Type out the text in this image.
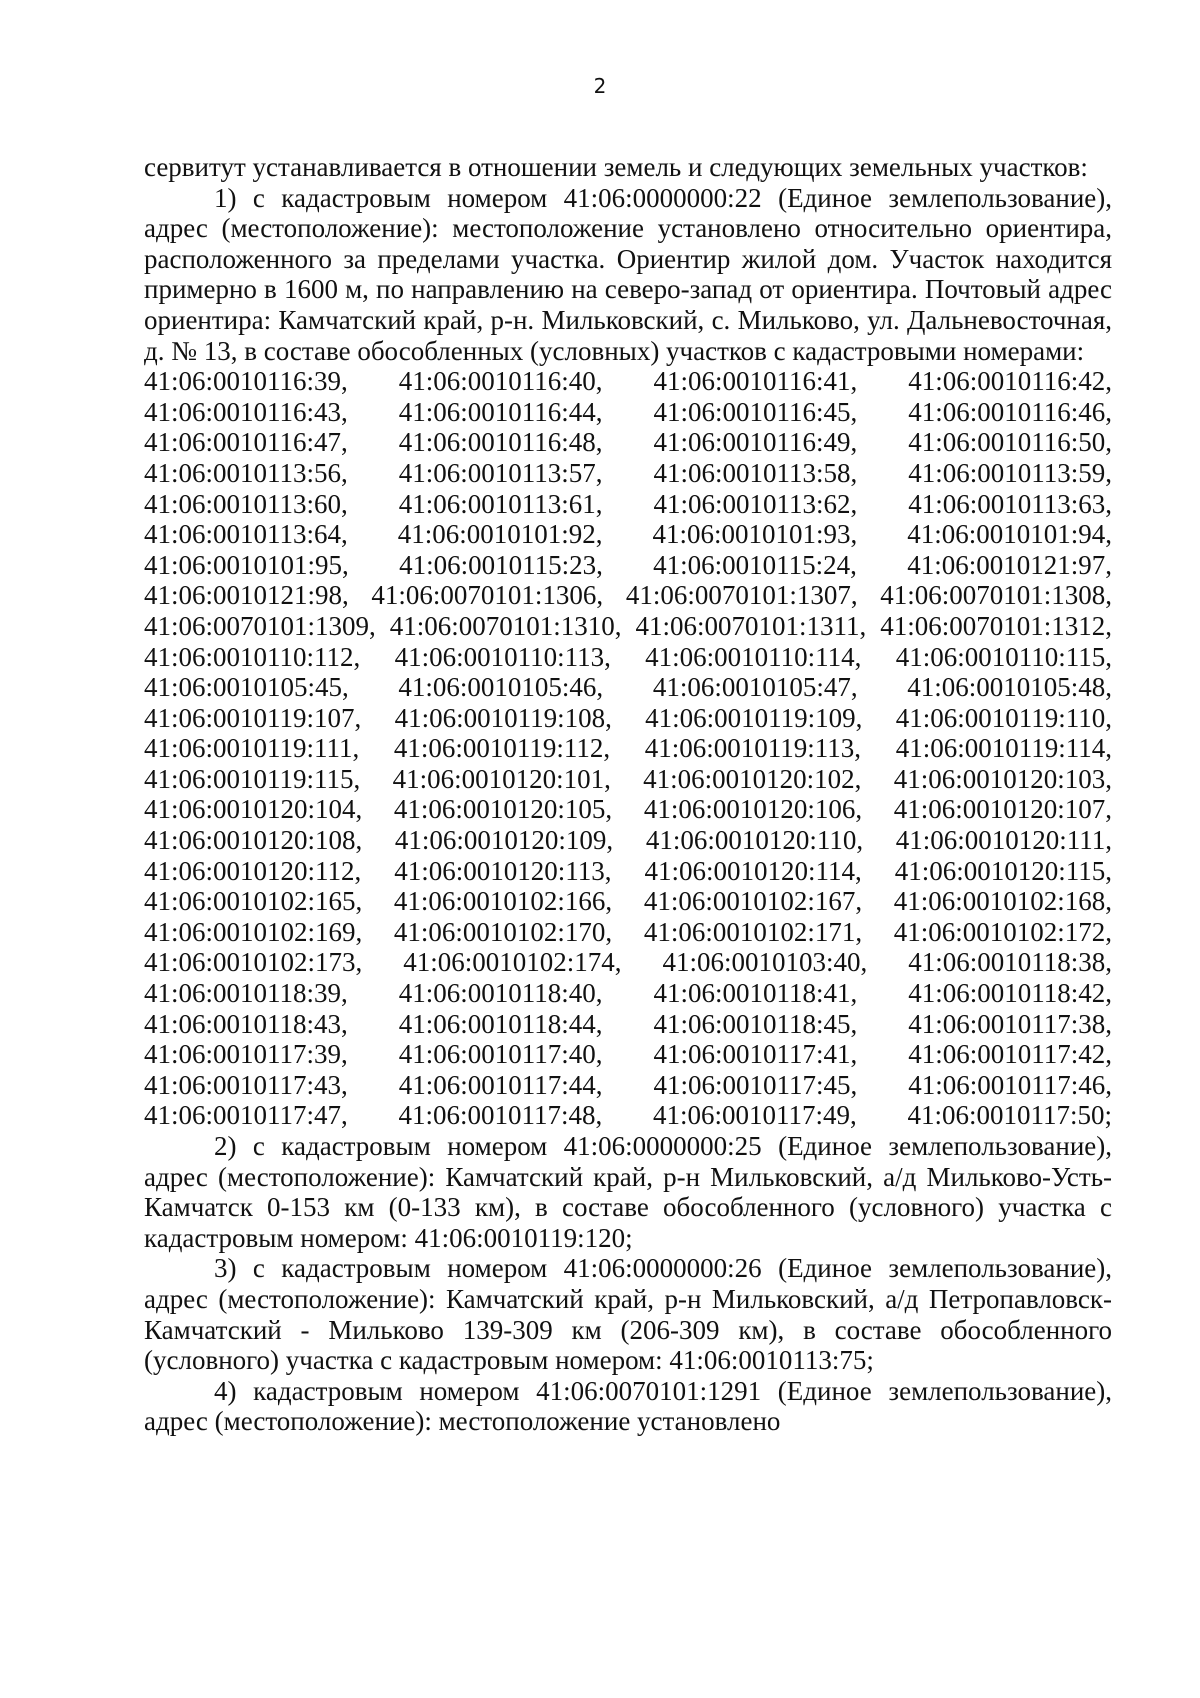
2

сервитут устанавливается в отношении земель и следующих земельных участков:

1) с кадастровым номером 41:06:0000000:22 (Единое землепользование), адрес (местоположение): местоположение установлено относительно ориентира, расположенного за пределами участка. Ориентир жилой дом. Участок находится примерно в 1600 м, по направлению на северо-запад от ориентира. Почтовый адрес ориентира: Камчатский край, р-н. Мильковский, с. Мильково, ул. Дальневосточная, д. № 13, в составе обособленных (условных) участков с кадастровыми номерами:

41:06:0010116:39, 41:06:0010116:40, 41:06:0010116:41, 41:06:0010116:42,
41:06:0010116:43, 41:06:0010116:44, 41:06:0010116:45, 41:06:0010116:46,
41:06:0010116:47, 41:06:0010116:48, 41:06:0010116:49, 41:06:0010116:50,
41:06:0010113:56, 41:06:0010113:57, 41:06:0010113:58, 41:06:0010113:59,
41:06:0010113:60, 41:06:0010113:61, 41:06:0010113:62, 41:06:0010113:63,
41:06:0010113:64, 41:06:0010101:92, 41:06:0010101:93, 41:06:0010101:94,
41:06:0010101:95, 41:06:0010115:23, 41:06:0010115:24, 41:06:0010121:97,
41:06:0010121:98, 41:06:0070101:1306, 41:06:0070101:1307, 41:06:0070101:1308,
41:06:0070101:1309, 41:06:0070101:1310, 41:06:0070101:1311, 41:06:0070101:1312,
41:06:0010110:112, 41:06:0010110:113, 41:06:0010110:114, 41:06:0010110:115,
41:06:0010105:45, 41:06:0010105:46, 41:06:0010105:47, 41:06:0010105:48,
41:06:0010119:107, 41:06:0010119:108, 41:06:0010119:109, 41:06:0010119:110,
41:06:0010119:111, 41:06:0010119:112, 41:06:0010119:113, 41:06:0010119:114,
41:06:0010119:115, 41:06:0010120:101, 41:06:0010120:102, 41:06:0010120:103,
41:06:0010120:104, 41:06:0010120:105, 41:06:0010120:106, 41:06:0010120:107,
41:06:0010120:108, 41:06:0010120:109, 41:06:0010120:110, 41:06:0010120:111,
41:06:0010120:112, 41:06:0010120:113, 41:06:0010120:114, 41:06:0010120:115,
41:06:0010102:165, 41:06:0010102:166, 41:06:0010102:167, 41:06:0010102:168,
41:06:0010102:169, 41:06:0010102:170, 41:06:0010102:171, 41:06:0010102:172,
41:06:0010102:173, 41:06:0010102:174, 41:06:0010103:40, 41:06:0010118:38,
41:06:0010118:39, 41:06:0010118:40, 41:06:0010118:41, 41:06:0010118:42,
41:06:0010118:43, 41:06:0010118:44, 41:06:0010118:45, 41:06:0010117:38,
41:06:0010117:39, 41:06:0010117:40, 41:06:0010117:41, 41:06:0010117:42,
41:06:0010117:43, 41:06:0010117:44, 41:06:0010117:45, 41:06:0010117:46,
41:06:0010117:47, 41:06:0010117:48, 41:06:0010117:49, 41:06:0010117:50;

2) с кадастровым номером 41:06:0000000:25 (Единое землепользование), адрес (местоположение): Камчатский край, р-н Мильковский, а/д Мильково-Усть-Камчатск 0-153 км (0-133 км), в составе обособленного (условного) участка с кадастровым номером: 41:06:0010119:120;

3) с кадастровым номером 41:06:0000000:26 (Единое землепользование), адрес (местоположение): Камчатский край, р-н Мильковский, а/д Петропавловск-Камчатский - Мильково 139-309 км (206-309 км), в составе обособленного (условного) участка с кадастровым номером: 41:06:0010113:75;

4) кадастровым номером 41:06:0070101:1291 (Единое землепользование), адрес (местоположение): местоположение установлено
